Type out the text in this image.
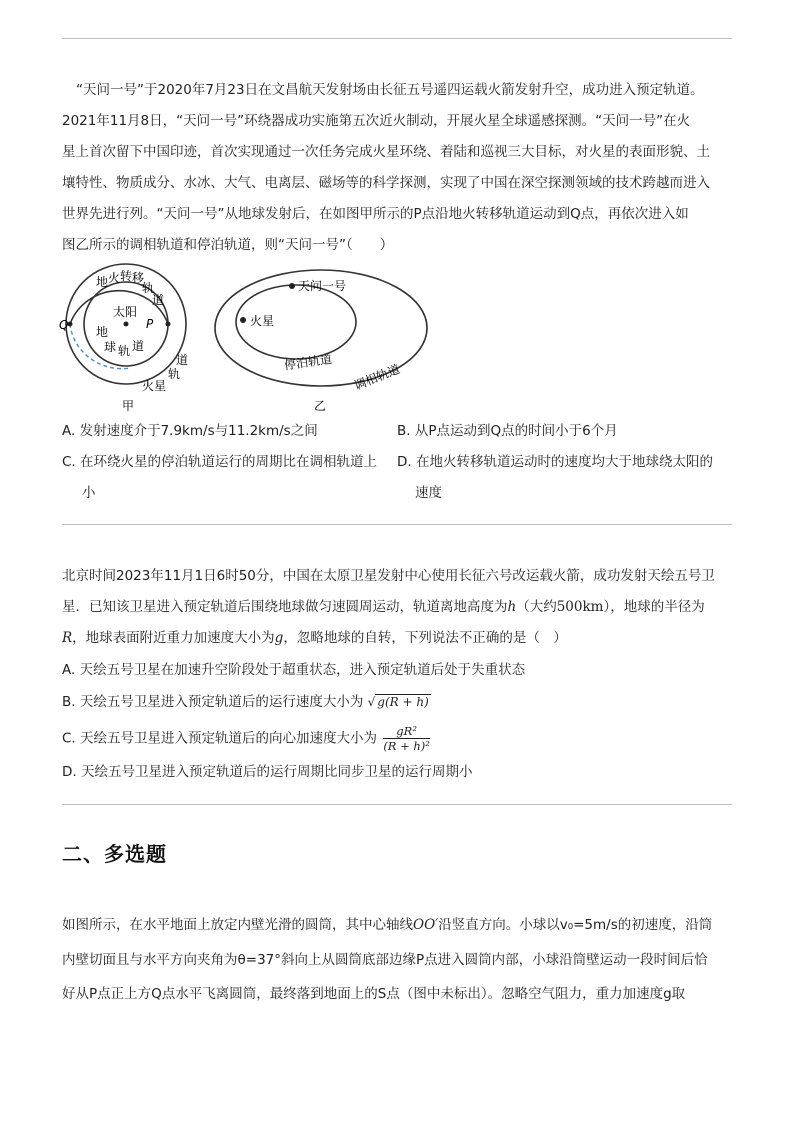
“天问一号”于2020年7月23日在文昌航天发射场由长征五号遥四运载火箭发射升空，成功进入预定轨道。
2021年11月8日，“天问一号”环绕器成功实施第五次近火制动，开展火星全球遥感探测。“天问一号”在火
星上首次留下中国印迹，首次实现通过一次任务完成火星环绕、着陆和巡视三大目标，对火星的表面形貌、土
壤特性、物质成分、水冰、大气、电离层、磁场等的科学探测，实现了中国在深空探测领域的技术跨越而进入
世界先进行列。“天问一号”从地球发射后，在如图甲所示的P点沿地火转移轨道运动到Q点，再依次进入如
图乙所示的调相轨道和停泊轨道，则“天问一号”（　　）
太阳
Q	P
地 火 转 移
轨
道
地
球 轨 道
道
轨
火星
甲
火星
天问一号
停泊轨道 调相轨道
乙
A. 发射速度介于7.9km/s与11.2km/s之间	B. 从P点运动到Q点的时间小于6个月
C. 在环绕火星的停泊轨道运行的周期比在调相轨道上
小
D. 在地火转移轨道运动时的速度均大于地球绕太阳的
速度
北京时间2023年11月1日6时50分，中国在太原卫星发射中心使用长征六号改运载火箭，成功发射天绘五号卫
星．已知该卫星进入预定轨道后围绕地球做匀速圆周运动，轨道离地高度为h（大约500km），地球的半径为
R，地球表面附近重力加速度大小为g，忽略地球的自转，下列说法不正确的是（　）
A. 天绘五号卫星在加速升空阶段处于超重状态，进入预定轨道后处于失重状态
B. 天绘五号卫星进入预定轨道后的运行速度大小为 √ g(R + h)
C. 天绘五号卫星进入预定轨道后的向心加速度大小为 $\frac{\text{gR²}}{\text{(R + h)²}}$
D. 天绘五号卫星进入预定轨道后的运行周期比同步卫星的运行周期小
二、多选题
如图所示，在水平地面上放定内壁光滑的圆筒，其中心轴线OO′沿竖直方向。小球以v₀=5m/s的初速度，沿筒
内壁切面且与水平方向夹角为θ=37°斜向上从圆筒底部边缘P点进入圆筒内部，小球沿筒壁运动一段时间后恰
好从P点正上方Q点水平飞离圆筒，最终落到地面上的S点（图中未标出）。忽略空气阻力，重力加速度g取
